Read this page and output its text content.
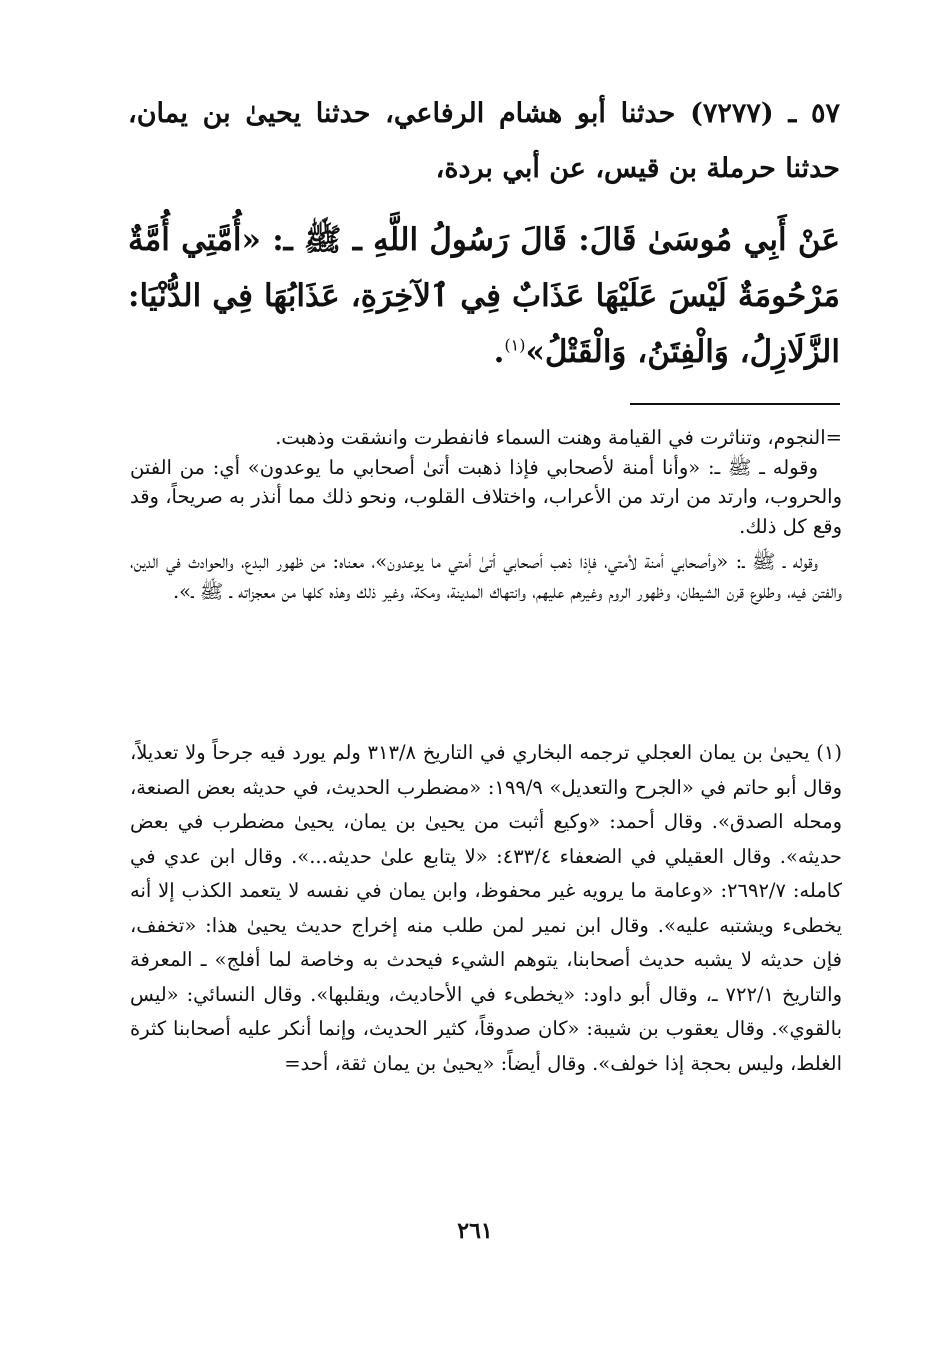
٥٧ ـ (٧٢٧٧) حدثنا أبو هشام الرفاعي، حدثنا يحيىٰ بن يمان، حدثنا حرملة بن قيس، عن أبي بردة،
عَنْ أَبِي مُوسَىٰ قَالَ: قَالَ رَسُولُ اللَّهِ ـ ﷺ ـ: «أُمَّتِي أُمَّةٌ مَرْحُومَةٌ لَيْسَ عَلَيْهَا عَذَابٌ فِي ٱلآخِرَةِ، عَذَابُهَا فِي الدُّنْيَا: الزَّلَازِلُ، وَالْفِتَنُ، وَالْقَتْلُ»$^{(١)}$.

=النجوم، وتناثرت في القيامة وهنت السماء فانفطرت وانشقت وذهبت.

وقوله ـ ﷺ ـ: «وأنا أمنة لأصحابي فإذا ذهبت أتىٰ أصحابي ما يوعدون» أي: من الفتن والحروب، وارتد من ارتد من الأعراب، واختلاف القلوب، ونحو ذلك مما أنذر به صريحاً، وقد وقع كل ذلك.

وقوله ـ ﷺ ـ: «وأصحابي أمنة لأمتي، فإذا ذهب أصحابي أتىٰ أمتي ما يوعدون»، معناه: من ظهور البدع، والحوادث في الدين، والفتن فيه، وطلوع قرن الشيطان، وظهور الروم وغيرهم عليهم، وانتهاك المدينة، ومكة، وغير ذلك وهذه كلها من معجزاته ـ ﷺ ـ».

(١) يحيىٰ بن يمان العجلي ترجمه البخاري في التاريخ ٣١٣/٨ ولم يورد فيه جرحاً ولا تعديلاً، وقال أبو حاتم في «الجرح والتعديل» ١٩٩/٩: «مضطرب الحديث، في حديثه بعض الصنعة، ومحله الصدق». وقال أحمد: «وكيع أثبت من يحيىٰ بن يمان، يحيىٰ مضطرب في بعض حديثه». وقال العقيلي في الضعفاء ٤٣٣/٤: «لا يتابع علىٰ حديثه...». وقال ابن عدي في كامله: ٢٦٩٢/٧: «وعامة ما يرويه غير محفوظ، وابن يمان في نفسه لا يتعمد الكذب إلا أنه يخطىء ويشتبه عليه». وقال ابن نمير لمن طلب منه إخراج حديث يحيىٰ هذا: «تخفف، فإن حديثه لا يشبه حديث أصحابنا، يتوهم الشيء فيحدث به وخاصة لما أفلج» ـ المعرفة والتاريخ ٧٢٢/١ ـ، وقال أبو داود: «يخطىء في الأحاديث، ويقلبها». وقال النسائي: «ليس بالقوي». وقال يعقوب بن شيبة: «كان صدوقاً، كثير الحديث، وإنما أنكر عليه أصحابنا كثرة الغلط، وليس بحجة إذا خولف». وقال أيضاً: «يحيىٰ بن يمان ثقة، أحد=
٢٦١
